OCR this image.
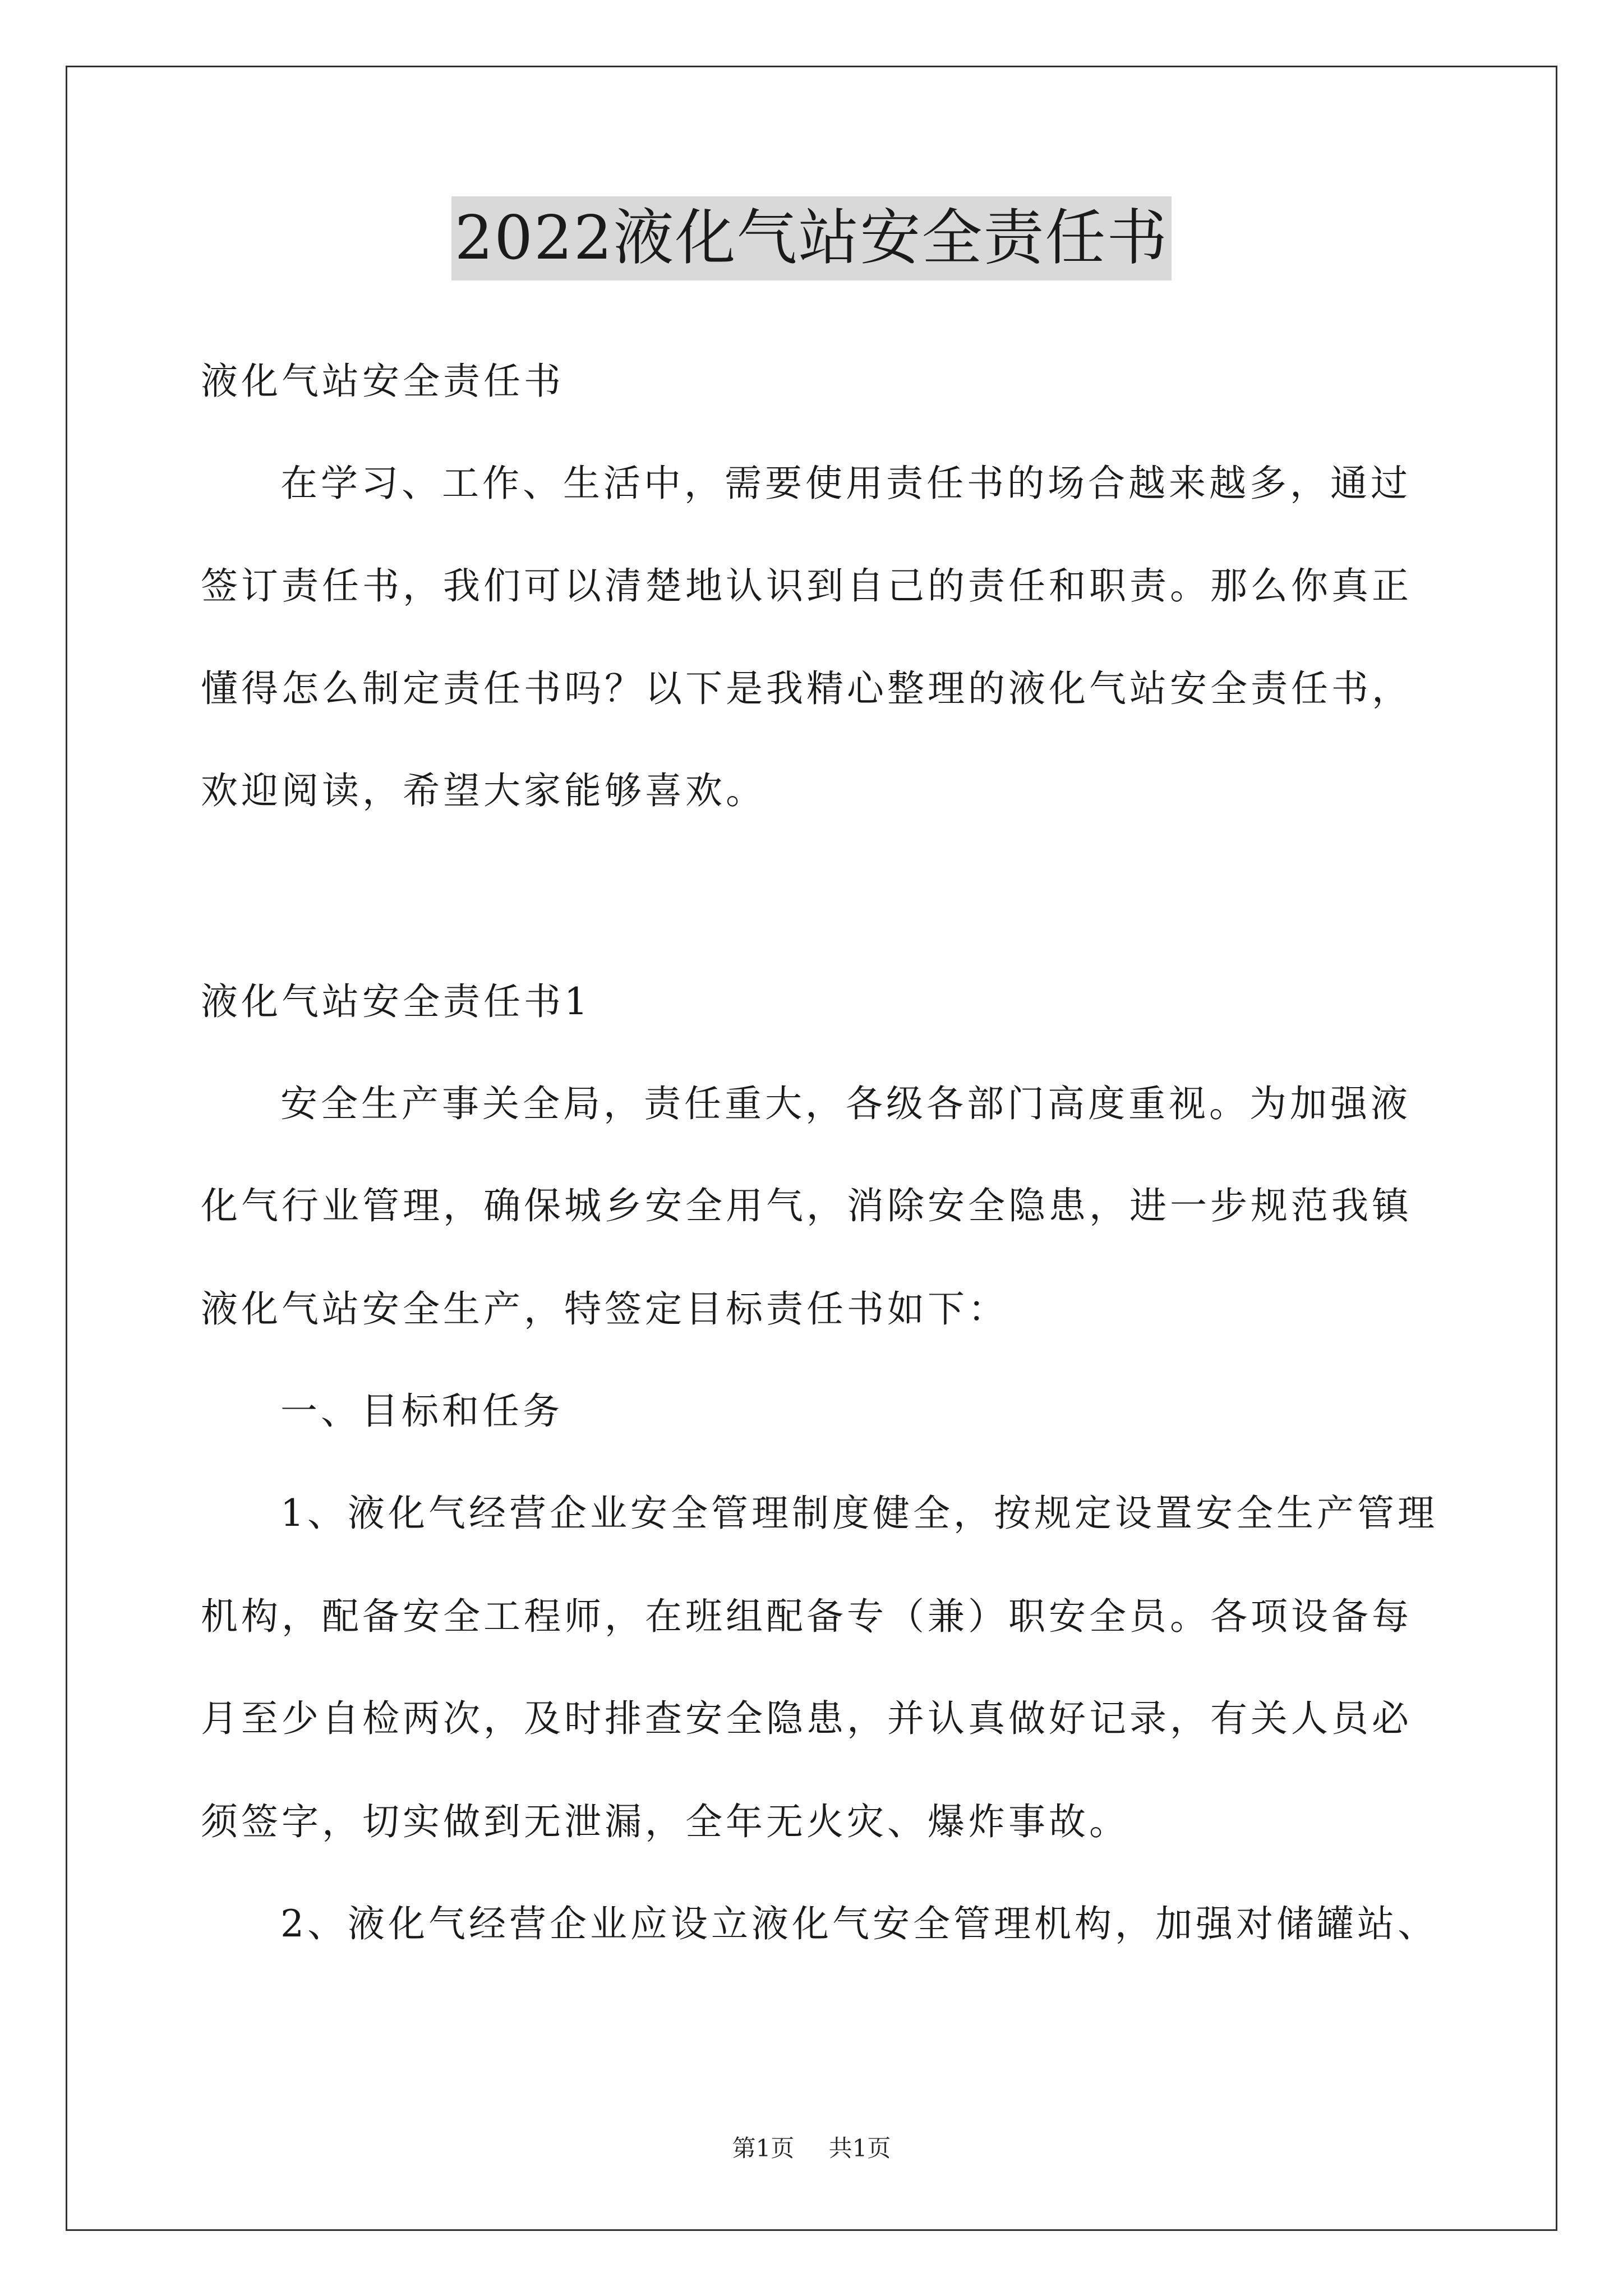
2022液化气站安全责任书
液化气站安全责任书
在学习、工作、生活中，需要使用责任书的场合越来越多，通过
签订责任书，我们可以清楚地认识到自己的责任和职责。那么你真正
懂得怎么制定责任书吗？以下是我精心整理的液化气站安全责任书，
欢迎阅读，希望大家能够喜欢。
液化气站安全责任书1
安全生产事关全局，责任重大，各级各部门高度重视。为加强液
化气行业管理，确保城乡安全用气，消除安全隐患，进一步规范我镇
液化气站安全生产，特签定目标责任书如下：
一、目标和任务
1、液化气经营企业安全管理制度健全，按规定设置安全生产管理
机构，配备安全工程师，在班组配备专（兼）职安全员。各项设备每
月至少自检两次，及时排查安全隐患，并认真做好记录，有关人员必
须签字，切实做到无泄漏，全年无火灾、爆炸事故。
2、液化气经营企业应设立液化气安全管理机构，加强对储罐站、
第1页 共1页
